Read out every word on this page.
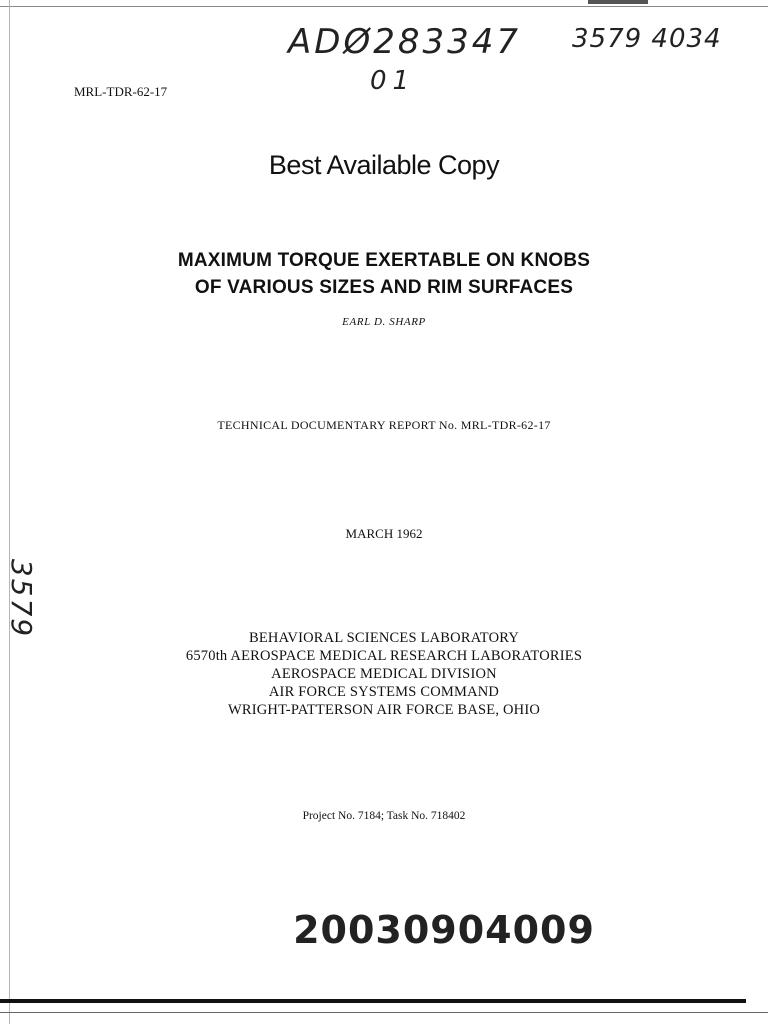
ADØ283347
01
3579 4034
3579
MRL-TDR-62-17
Best Available Copy
MAXIMUM TORQUE EXERTABLE ON KNOBS
OF VARIOUS SIZES AND RIM SURFACES
EARL D. SHARP
TECHNICAL DOCUMENTARY REPORT No. MRL-TDR-62-17
MARCH 1962
BEHAVIORAL SCIENCES LABORATORY
6570th AEROSPACE MEDICAL RESEARCH LABORATORIES
AEROSPACE MEDICAL DIVISION
AIR FORCE SYSTEMS COMMAND
WRIGHT-PATTERSON AIR FORCE BASE, OHIO
Project No. 7184; Task No. 718402
20030904009
